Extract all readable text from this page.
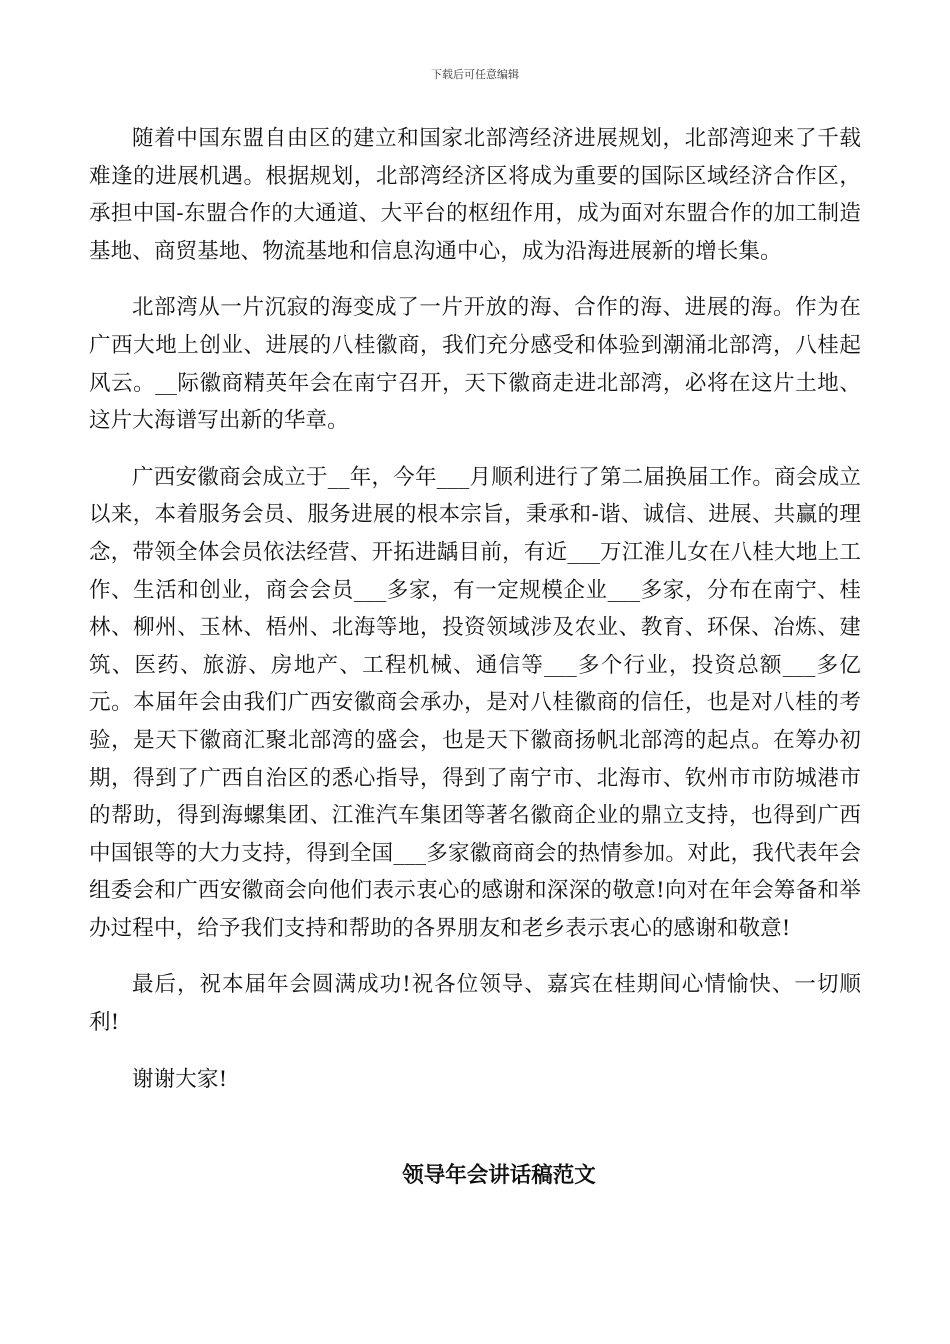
下载后可任意编辑

随着中国东盟自由区的建立和国家北部湾经济进展规划，北部湾迎来了千载难逢的进展机遇。根据规划，北部湾经济区将成为重要的国际区域经济合作区，承担中国-东盟合作的大通道、大平台的枢纽作用，成为面对东盟合作的加工制造基地、商贸基地、物流基地和信息沟通中心，成为沿海进展新的增长集。

北部湾从一片沉寂的海变成了一片开放的海、合作的海、进展的海。作为在广西大地上创业、进展的八桂徽商，我们充分感受和体验到潮涌北部湾，八桂起风云。__际徽商精英年会在南宁召开，天下徽商走进北部湾，必将在这片土地、这片大海谱写出新的华章。

广西安徽商会成立于__年，今年___月顺利进行了第二届换届工作。商会成立以来，本着服务会员、服务进展的根本宗旨，秉承和-谐、诚信、进展、共赢的理念，带领全体会员依法经营、开拓进龋目前，有近___万江淮儿女在八桂大地上工作、生活和创业，商会会员___多家，有一定规模企业___多家，分布在南宁、桂林、柳州、玉林、梧州、北海等地，投资领域涉及农业、教育、环保、冶炼、建筑、医药、旅游、房地产、工程机械、通信等___多个行业，投资总额___多亿元。本届年会由我们广西安徽商会承办，是对八桂徽商的信任，也是对八桂的考验，是天下徽商汇聚北部湾的盛会，也是天下徽商扬帆北部湾的起点。在筹办初期，得到了广西自治区的悉心指导，得到了南宁市、北海市、钦州市市防城港市的帮助，得到海螺集团、江淮汽车集团等著名徽商企业的鼎立支持，也得到广西中国银等的大力支持，得到全国___多家徽商商会的热情参加。对此，我代表年会组委会和广西安徽商会向他们表示衷心的感谢和深深的敬意!向对在年会筹备和举办过程中，给予我们支持和帮助的各界朋友和老乡表示衷心的感谢和敬意!

最后，祝本届年会圆满成功!祝各位领导、嘉宾在桂期间心情愉快、一切顺利!

谢谢大家!

领导年会讲话稿范文
